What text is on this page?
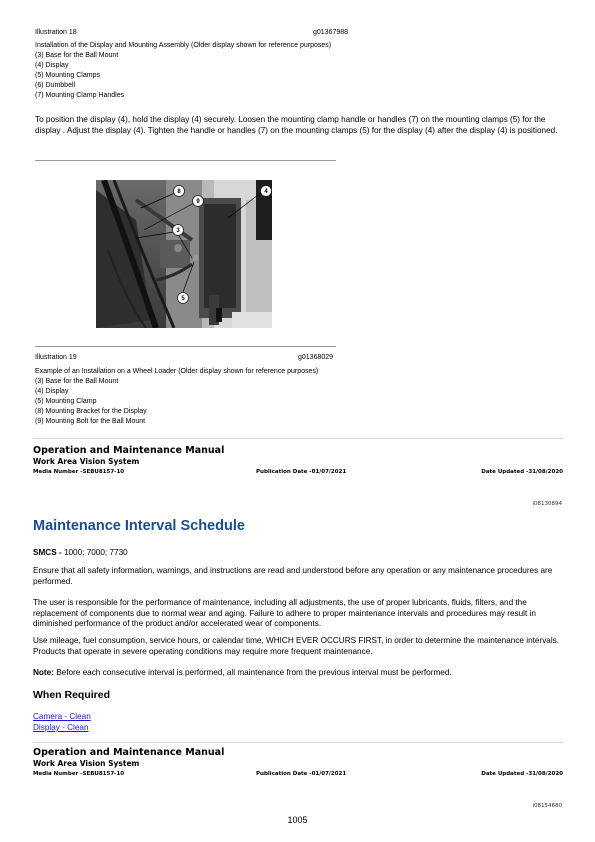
Illustration 18	g01367988
Installation of the Display and Mounting Assembly (Older display shown for reference purposes)
(3) Base for the Ball Mount
(4) Display
(5) Mounting Clamps
(6) Dumbbell
(7) Mounting Clamp Handles
To position the display (4), hold the display (4) securely. Loosen the mounting clamp handle or handles (7) on the mounting clamps (5) for the display . Adjust the display (4). Tighten the handle or handles (7) on the mounting clamps (5) for the display (4) after the display (4) is positioned.
8
9
4
3
5
Illustration 19	g01368029
Example of an Installation on a Wheel Loader (Older display shown for reference purposes)
(3) Base for the Ball Mount
(4) Display
(5) Mounting Clamp
(8) Mounting Bracket for the Display
(9) Mounting Bolt for the Ball Mount
Operation and Maintenance Manual
Work Area Vision System
Media Number -SEBU8157-10	Publication Date -01/07/2021	Date Updated -31/08/2020
i08130894
Maintenance Interval Schedule
SMCS - 1000; 7000; 7730
Ensure that all safety information, warnings, and instructions are read and understood before any operation or any maintenance procedures are performed.
The user is responsible for the performance of maintenance, including all adjustments, the use of proper lubricants, fluids, filters, and the replacement of components due to normal wear and aging. Failure to adhere to proper maintenance intervals and procedures may result in diminished performance of the product and/or accelerated wear of components.
Use mileage, fuel consumption, service hours, or calendar time, WHICH EVER OCCURS FIRST, in order to determine the maintenance intervals. Products that operate in severe operating conditions may require more frequent maintenance.
Note: Before each consecutive interval is performed, all maintenance from the previous interval must be performed.
When Required
Camera - Clean
Display - Clean
Operation and Maintenance Manual
Work Area Vision System
Media Number -SEBU8157-10	Publication Date -01/07/2021	Date Updated -31/08/2020
i08154680
1005
